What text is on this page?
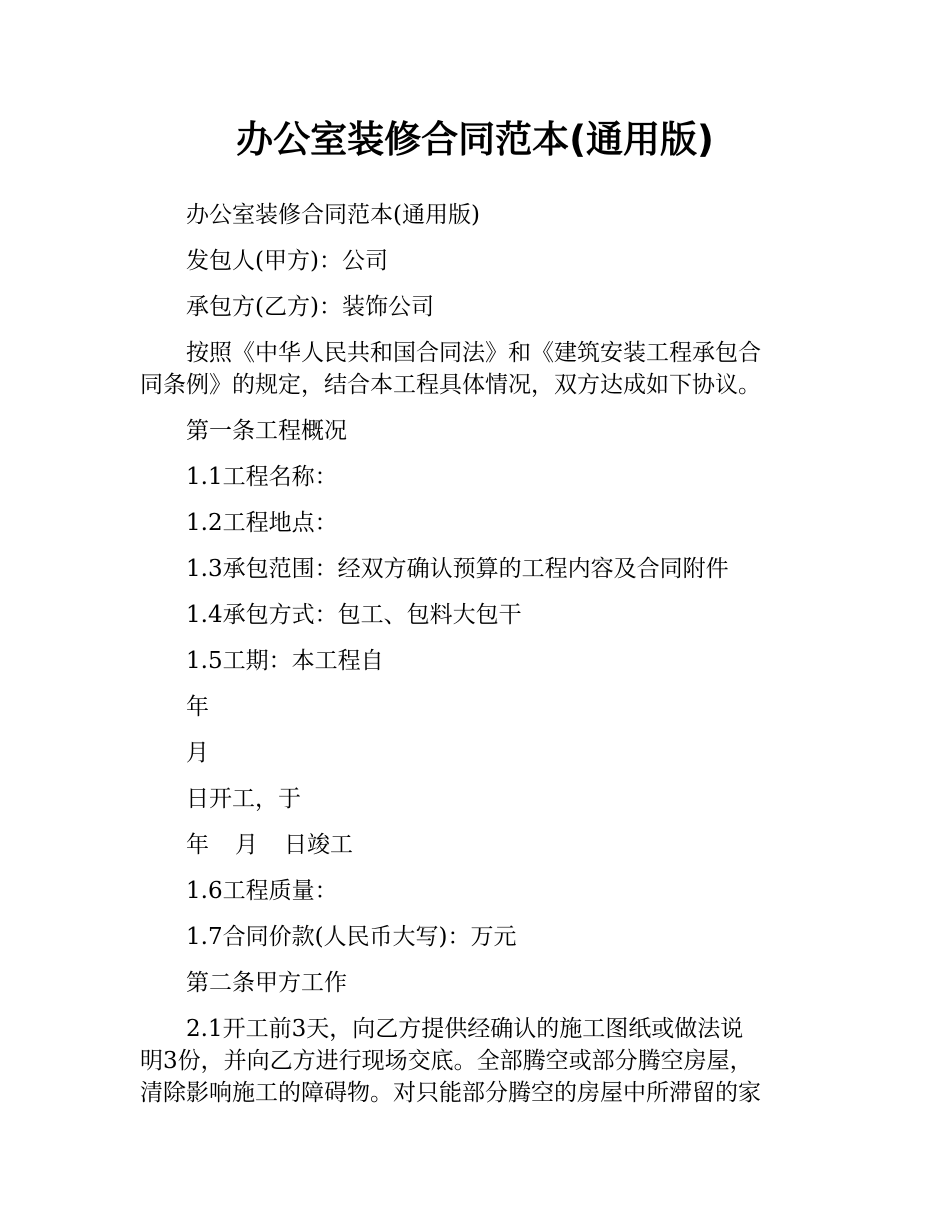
办公室装修合同范本(通用版)

办公室装修合同范本(通用版)

发包人(甲方)：公司

承包方(乙方)：装饰公司

按照《中华人民共和国合同法》和《建筑安装工程承包合
同条例》的规定，结合本工程具体情况，双方达成如下协议。

第一条工程概况

1.1工程名称：

1.2工程地点：

1.3承包范围：经双方确认预算的工程内容及合同附件

1.4承包方式：包工、包料大包干

1.5工期：本工程自

年

月

日开工，于

年 月 日竣工

1.6工程质量：

1.7合同价款(人民币大写)：万元

第二条甲方工作

2.1开工前3天，向乙方提供经确认的施工图纸或做法说
明3份，并向乙方进行现场交底。全部腾空或部分腾空房屋，
清除影响施工的障碍物。对只能部分腾空的房屋中所滞留的家
